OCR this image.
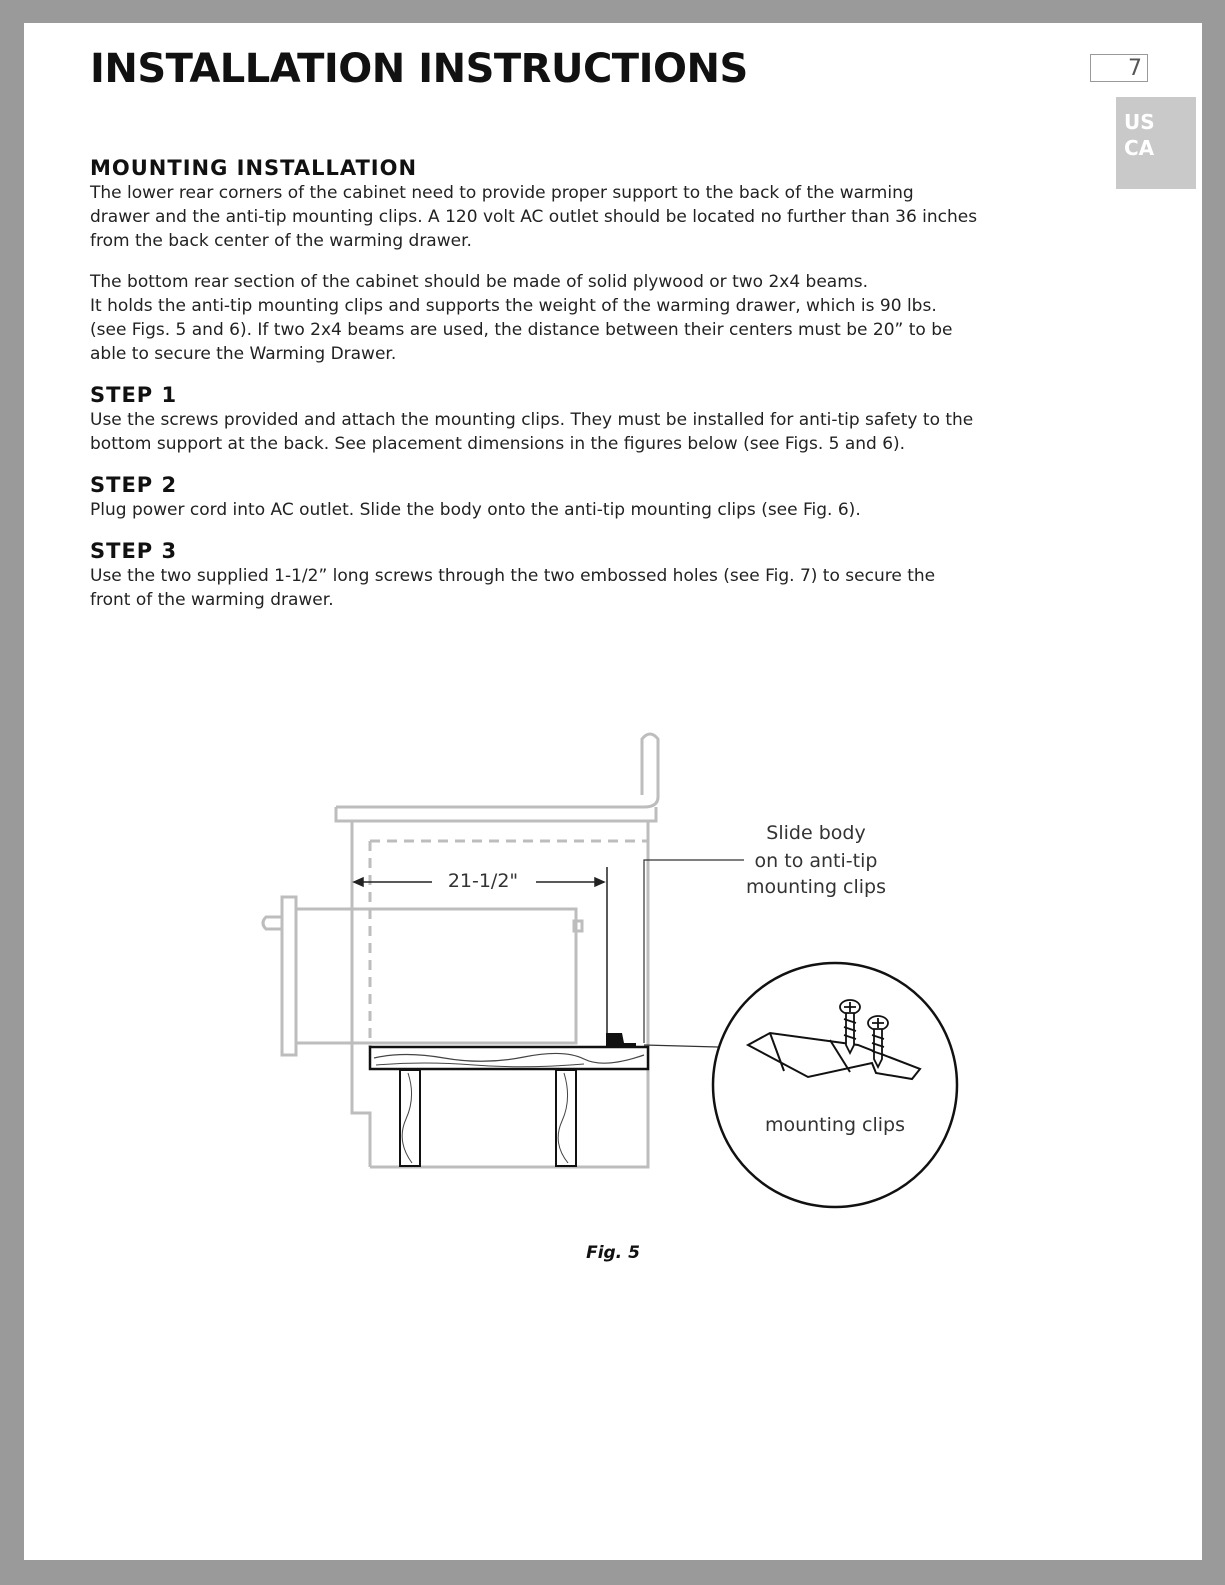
INSTALLATION INSTRUCTIONS	7
US
CA
MOUNTING INSTALLATION

The lower rear corners of the cabinet need to provide proper support to the back of the warming

drawer and the anti-tip mounting clips. A 120 volt AC outlet should be located no further than 36 inches

from the back center of the warming drawer.

The bottom rear section of the cabinet should be made of solid plywood or two 2x4 beams.

It holds the anti-tip mounting clips and supports the weight of the warming drawer, which is 90 lbs.

(see Figs. 5 and 6). If two 2x4 beams are used, the distance between their centers must be 20” to be

able to secure the Warming Drawer.

STEP 1

Use the screws provided and attach the mounting clips. They must be installed for anti-tip safety to the

bottom support at the back. See placement dimensions in the figures below (see Figs. 5 and 6).

STEP 2

Plug power cord into AC outlet. Slide the body onto the anti-tip mounting clips (see Fig. 6).

STEP 3

Use the two supplied 1-1/2” long screws through the two embossed holes (see Fig. 7) to secure the

front of the warming drawer.

21-1/2"
Slide body
on to anti-tip
mounting clips
mounting clips
Fig. 5
